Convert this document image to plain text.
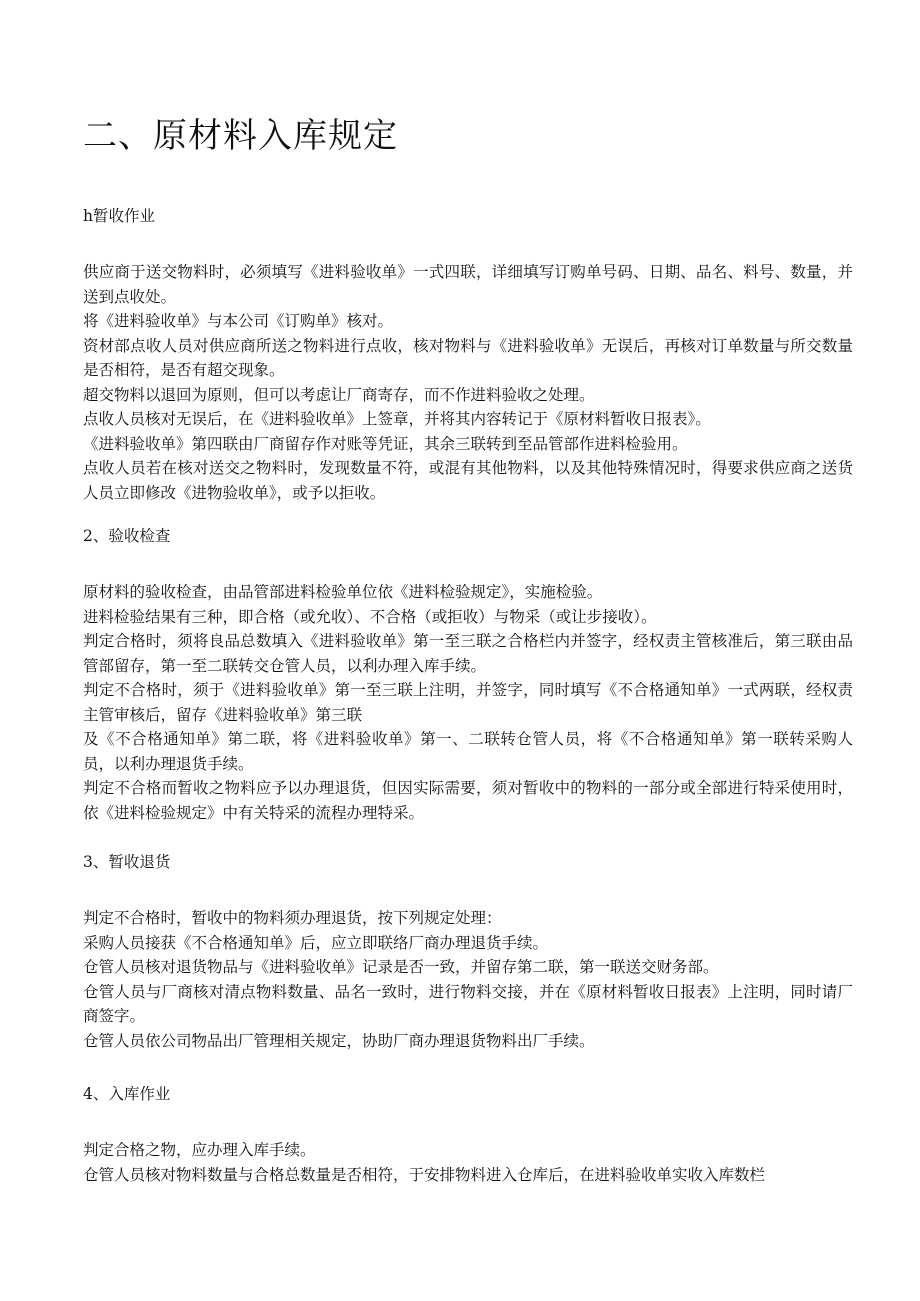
二、原材料入库规定
h暂收作业

供应商于送交物料时，必须填写《进料验收单》一式四联，详细填写订购单号码、日期、品名、料号、数量，并送到点收处。

将《进料验收单》与本公司《订购单》核对。

资材部点收人员对供应商所送之物料进行点收，核对物料与《进料验收单》无误后，再核对订单数量与所交数量是否相符，是否有超交现象。

超交物料以退回为原则，但可以考虑让厂商寄存，而不作进料验收之处理。

点收人员核对无误后，在《进料验收单》上签章，并将其内容转记于《原材料暂收日报表》。

《进料验收单》第四联由厂商留存作对账等凭证，其余三联转到至品管部作进料检验用。

点收人员若在核对送交之物料时，发现数量不符，或混有其他物料，以及其他特殊情况时，得要求供应商之送货人员立即修改《进物验收单》，或予以拒收。

2、验收检查

原材料的验收检查，由品管部进料检验单位依《进料检验规定》，实施检验。

进料检验结果有三种，即合格（或允收）、不合格（或拒收）与物采（或让步接收）。

判定合格时，须将良品总数填入《进料验收单》第一至三联之合格栏内并签字，经权责主管核准后，第三联由品管部留存，第一至二联转交仓管人员，以利办理入库手续。

判定不合格时，须于《进料验收单》第一至三联上注明，并签字，同时填写《不合格通知单》一式两联，经权责主管审核后，留存《进料验收单》第三联

及《不合格通知单》第二联，将《进料验收单》第一、二联转仓管人员，将《不合格通知单》第一联转采购人员，以利办理退货手续。

判定不合格而暂收之物料应予以办理退货，但因实际需要，须对暂收中的物料的一部分或全部进行特采使用时，依《进料检验规定》中有关特采的流程办理特采。

3、暂收退货

判定不合格时，暂收中的物料须办理退货，按下列规定处理：

采购人员接获《不合格通知单》后，应立即联络厂商办理退货手续。

仓管人员核对退货物品与《进料验收单》记录是否一致，并留存第二联，第一联送交财务部。

仓管人员与厂商核对清点物料数量、品名一致时，进行物料交接，并在《原材料暂收日报表》上注明，同时请厂商签字。

仓管人员依公司物品出厂管理相关规定，协助厂商办理退货物料出厂手续。

4、入库作业

判定合格之物，应办理入库手续。

仓管人员核对物料数量与合格总数量是否相符，于安排物料进入仓库后，在进料验收单实收入库数栏
